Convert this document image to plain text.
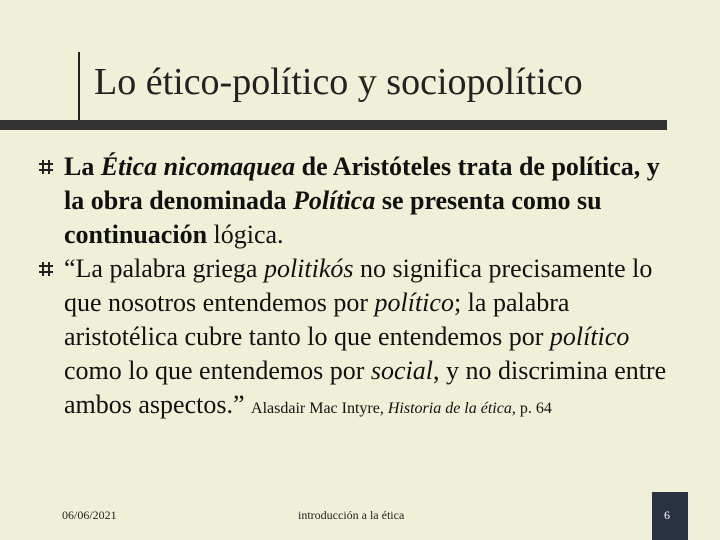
Lo ético-político y sociopolítico
La Ética nicomaquea de Aristóteles trata de política, y la obra denominada Política se presenta como su continuación lógica.
“La palabra griega politikós no significa precisamente lo que nosotros entendemos por político; la palabra aristotélica cubre tanto lo que entendemos por político como lo que entendemos por social, y no discrimina entre ambos aspectos.” Alasdair Mac Intyre, Historia de la ética, p. 64
06/06/2021	introducción a la ética	6
